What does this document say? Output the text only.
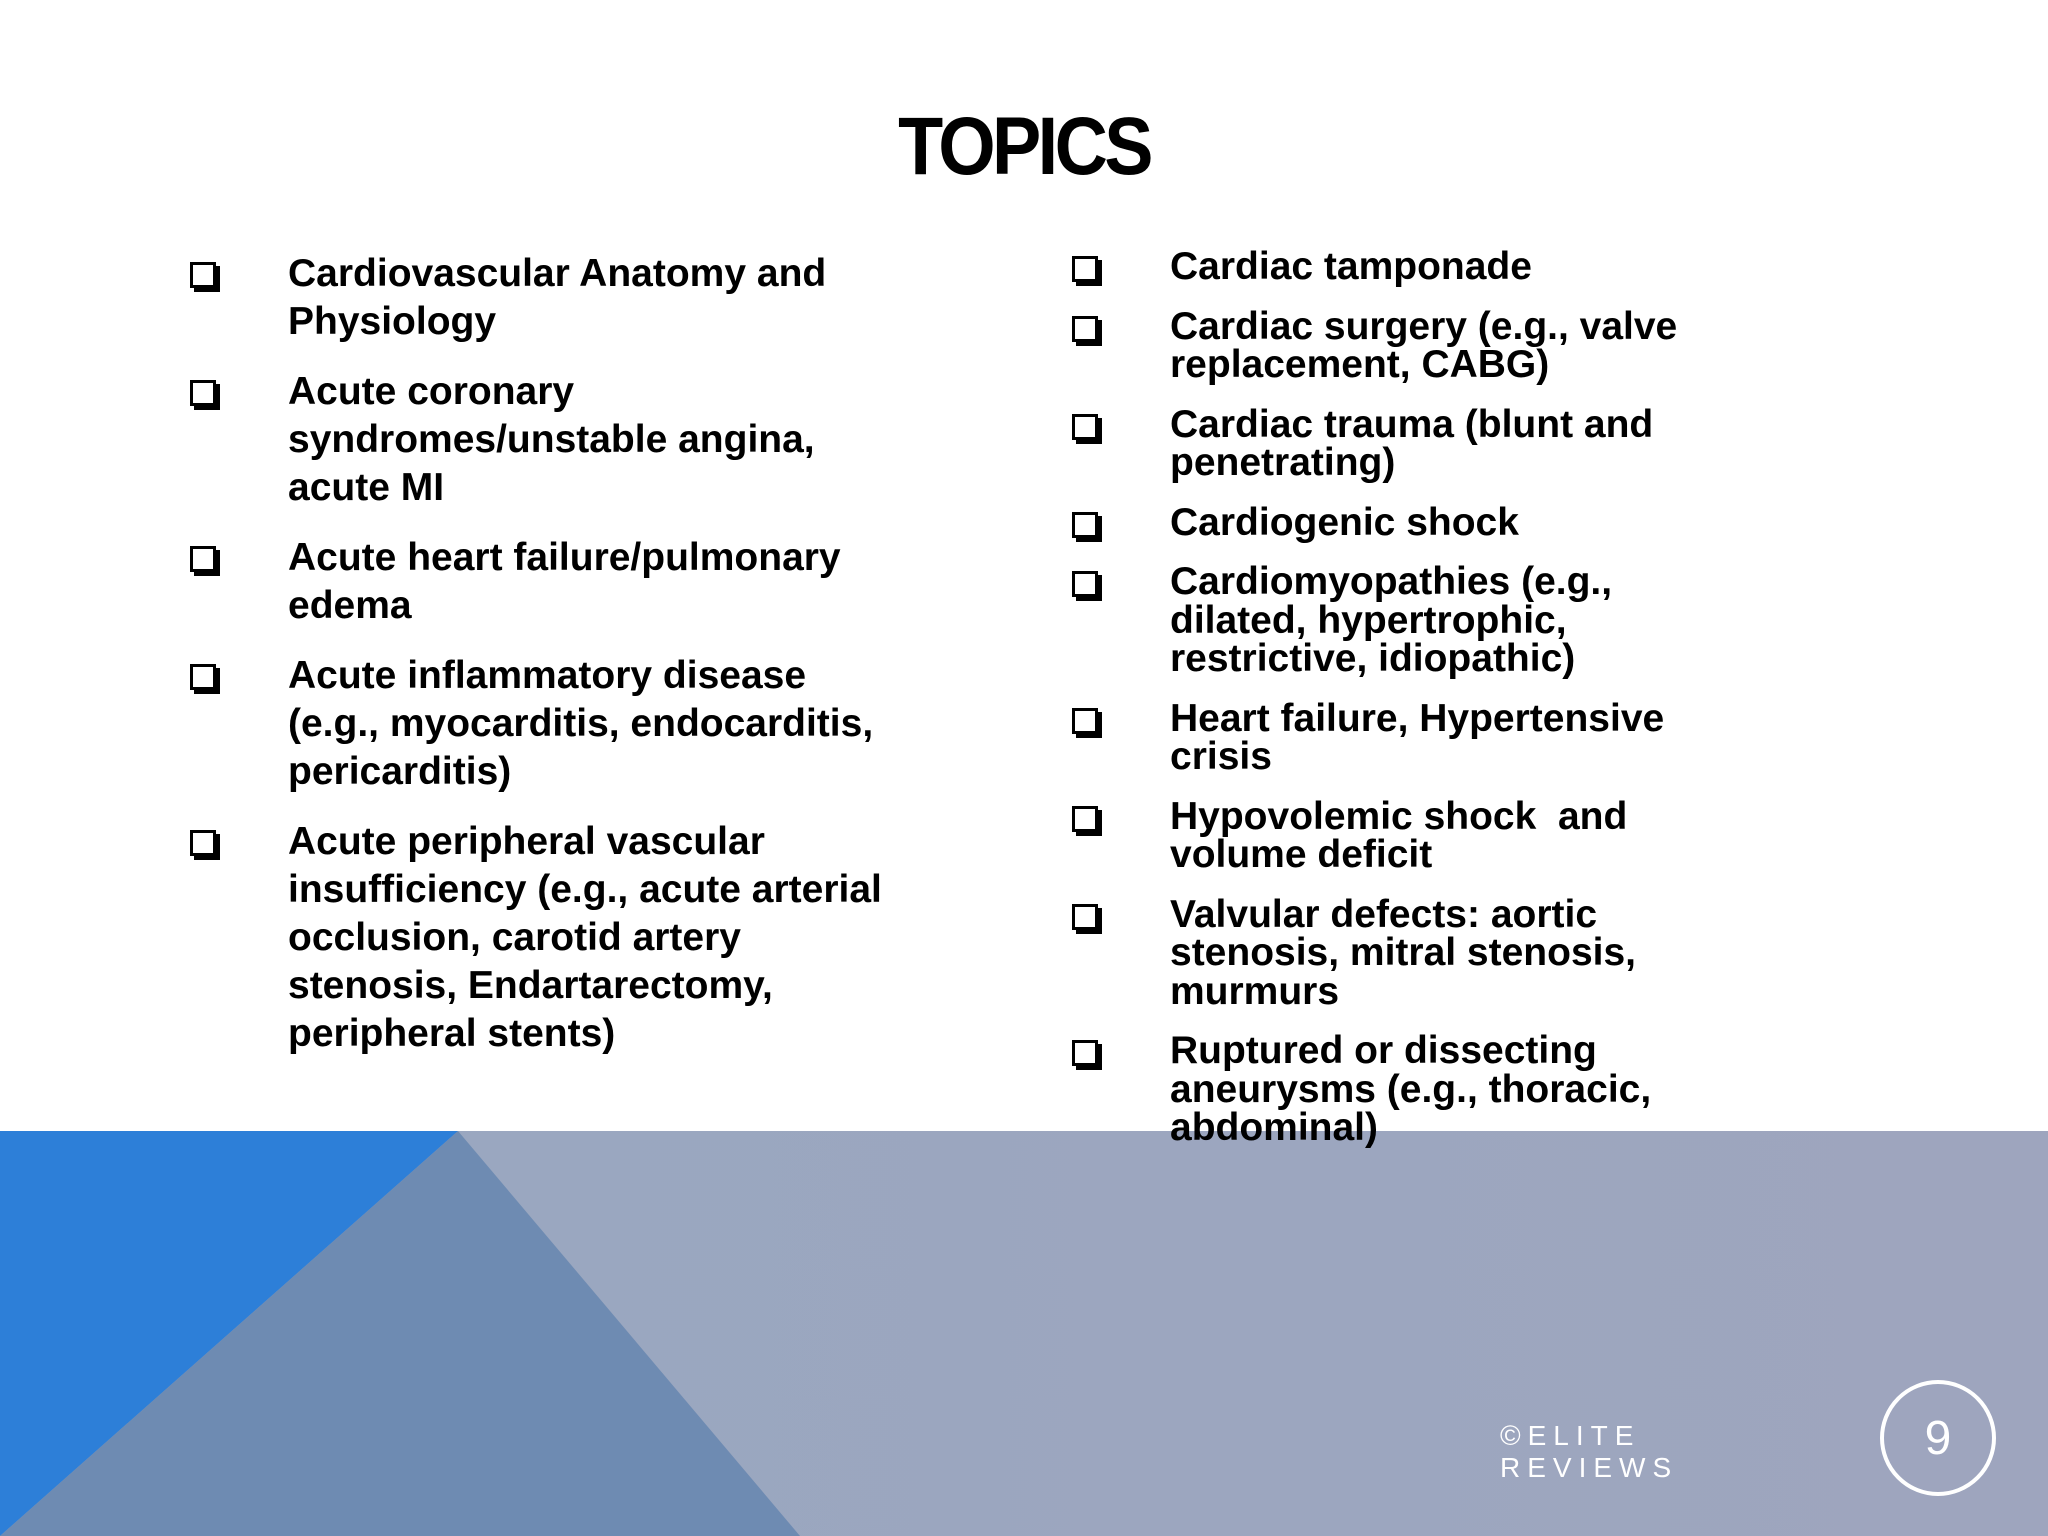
TOPICS
Cardiovascular Anatomy and Physiology
Acute coronary syndromes/unstable angina, acute MI
Acute heart failure/pulmonary edema
Acute inflammatory disease (e.g., myocarditis, endocarditis, pericarditis)
Acute peripheral vascular insufficiency (e.g., acute arterial occlusion, carotid artery stenosis, Endartarectomy, peripheral stents)
Cardiac tamponade
Cardiac surgery (e.g., valve replacement, CABG)
Cardiac trauma (blunt and penetrating)
Cardiogenic shock
Cardiomyopathies (e.g., dilated, hypertrophic, restrictive, idiopathic)
Heart failure, Hypertensive crisis
Hypovolemic shock  and volume deficit
Valvular defects: aortic stenosis, mitral stenosis, murmurs
Ruptured or dissecting aneurysms (e.g., thoracic, abdominal)
©ELITE REVIEWS
9
